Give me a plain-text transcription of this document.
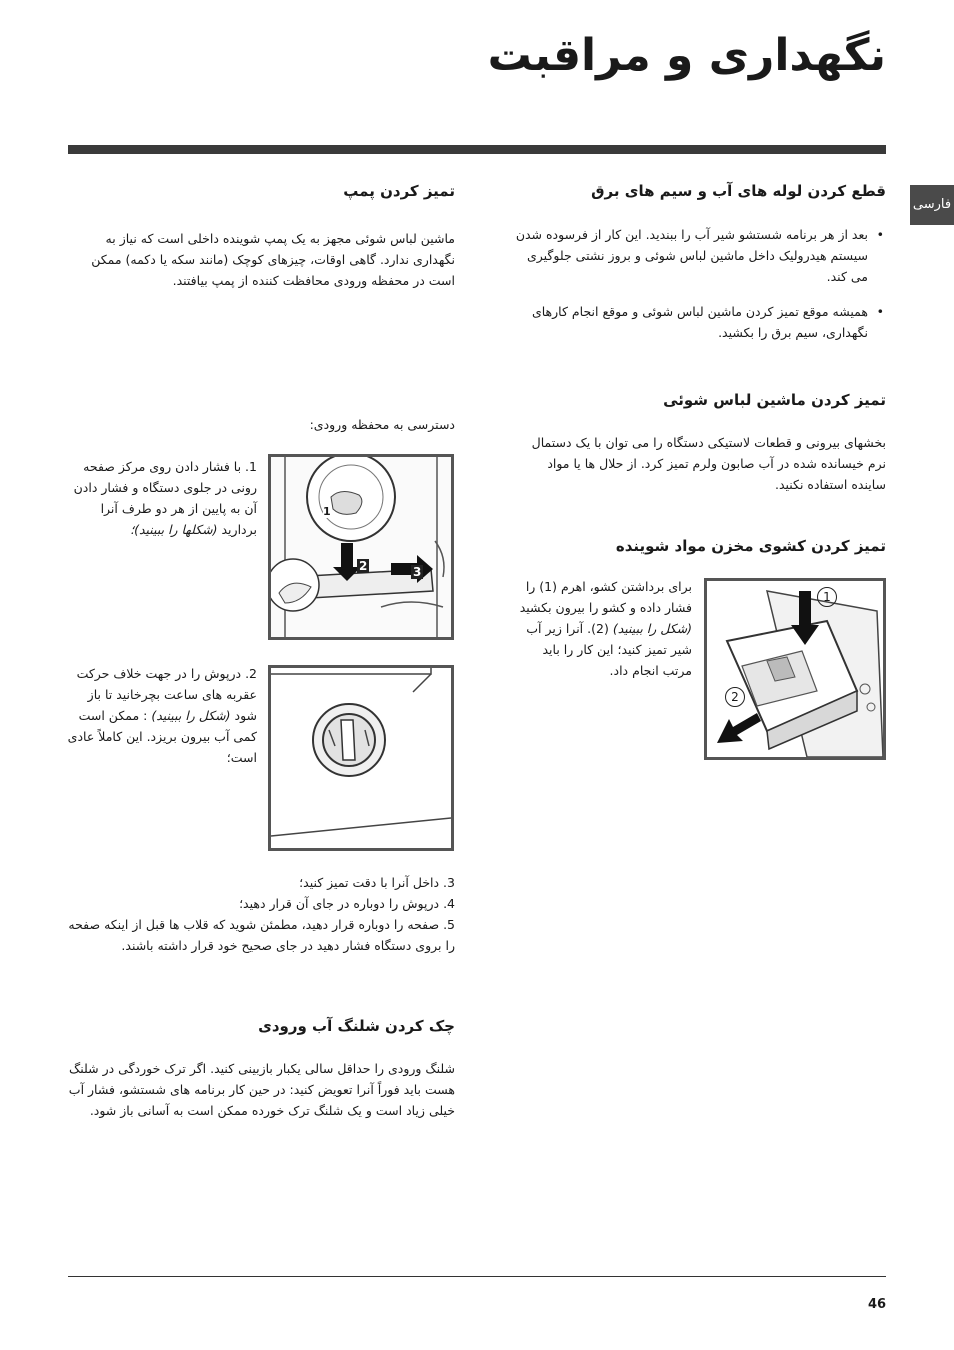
نگهداری و مراقبت
فارسی
قطع کردن لوله های آب و سیم های برق
• بعد از هر برنامه شستشو شیر آب را ببندید. این کار از فرسوده شدن سیستم هیدرولیک داخل ماشین لباس شوئی و بروز نشتی جلوگیری می کند.
• همیشه موقع تمیز کردن ماشین لباس شوئی و موقع انجام کارهای نگهداری، سیم برق را بکشید.
تمیز کردن ماشین لباس شوئی

بخشهای بیرونی و قطعات لاستیکی دستگاه را می توان با یک دستمال نرم خیسانده شده در آب صابون ولرم تمیز کرد. از حلال ها یا مواد ساینده استفاده نکنید.

تمیز کردن کشوی مخزن مواد شوینده

برای برداشتن کشو، اهرم (1) را فشار داده و کشو را بیرون بکشید (شکل را ببینید) (2). آنرا زیر آب شیر تمیز کنید؛ این کار را باید مرتب انجام داد.

1
2
تمیز کردن پمپ

ماشین لباس شوئی مجهز به یک پمپ شوینده داخلی است که نیاز به نگهداری ندارد. گاهی اوقات، چیزهای کوچک (مانند سکه یا دکمه) ممکن است در محفظه ورودی محافظت کننده از پمپ بیافتند.

دسترسی به محفظه ورودی:

1. با فشار دادن روی مرکز صفحه رونی در جلوی دستگاه و فشار دادن آن به پایین از هر دو طرف آنرا بردارید (شکلها را ببینید)؛

1
2	3

2. درپوش را در جهت خلاف حرکت عقربه های ساعت بچرخانید تا باز شود (شکل را ببینید) : ممکن است کمی آب بیرون بریزد. این کاملاً عادی است؛

3. داخل آنرا با دقت تمیز کنید؛

4. درپوش را دوباره در جای آن قرار دهید؛

5. صفحه را دوباره قرار دهید، مطمئن شوید که قلاب ها قبل از اینکه صفحه را بروی دستگاه فشار دهید در جای صحیح خود قرار داشته باشند.

چک کردن شلنگ آب ورودی

شلنگ ورودی را حداقل سالی یکبار بازبینی کنید. اگر ترک خوردگی در شلنگ هست باید فوراً آنرا تعویض کنید: در حین کار برنامه های شستشو، فشار آب خیلی زیاد است و یک شلنگ ترک خورده ممکن است به آسانی باز شود.

46
